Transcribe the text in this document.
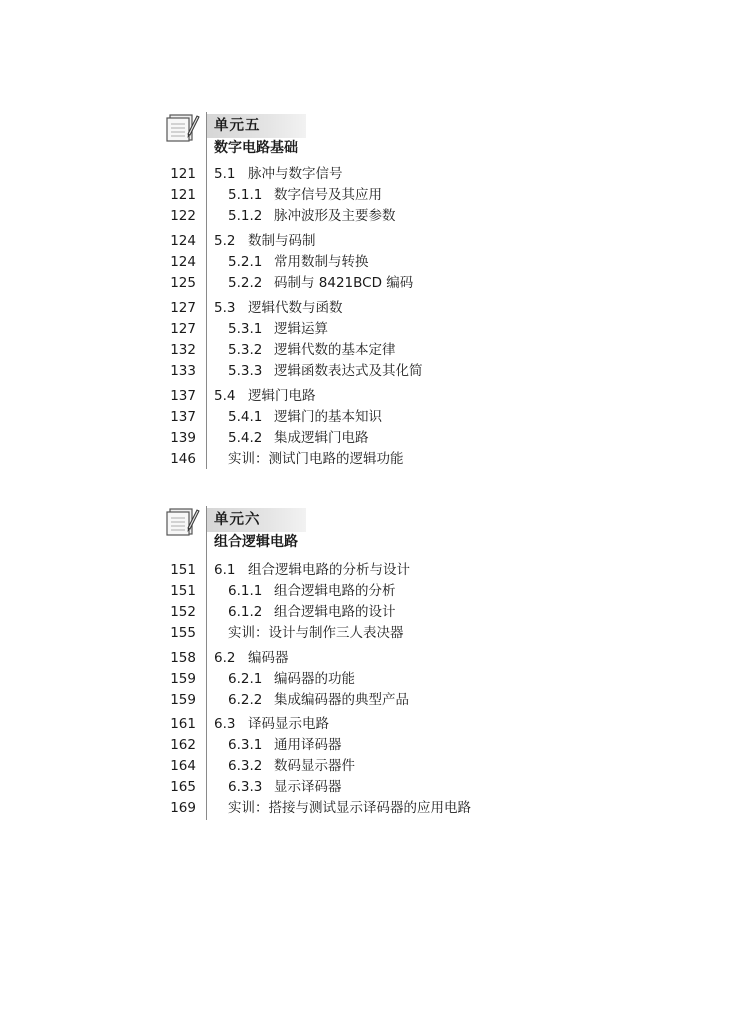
单元五
数字电路基础
121 5.1 脉冲与数字信号
121 5.1.1 数字信号及其应用
122 5.1.2 脉冲波形及主要参数
124 5.2 数制与码制
124 5.2.1 常用数制与转换
125 5.2.2 码制与 8421BCD 编码
127 5.3 逻辑代数与函数
127 5.3.1 逻辑运算
132 5.3.2 逻辑代数的基本定律
133 5.3.3 逻辑函数表达式及其化简
137 5.4 逻辑门电路
137 5.4.1 逻辑门的基本知识
139 5.4.2 集成逻辑门电路
146 实训：测试门电路的逻辑功能
单元六
组合逻辑电路
151 6.1 组合逻辑电路的分析与设计
151 6.1.1 组合逻辑电路的分析
152 6.1.2 组合逻辑电路的设计
155 实训：设计与制作三人表决器
158 6.2 编码器
159 6.2.1 编码器的功能
159 6.2.2 集成编码器的典型产品
161 6.3 译码显示电路
162 6.3.1 通用译码器
164 6.3.2 数码显示器件
165 6.3.3 显示译码器
169 实训：搭接与测试显示译码器的应用电路
